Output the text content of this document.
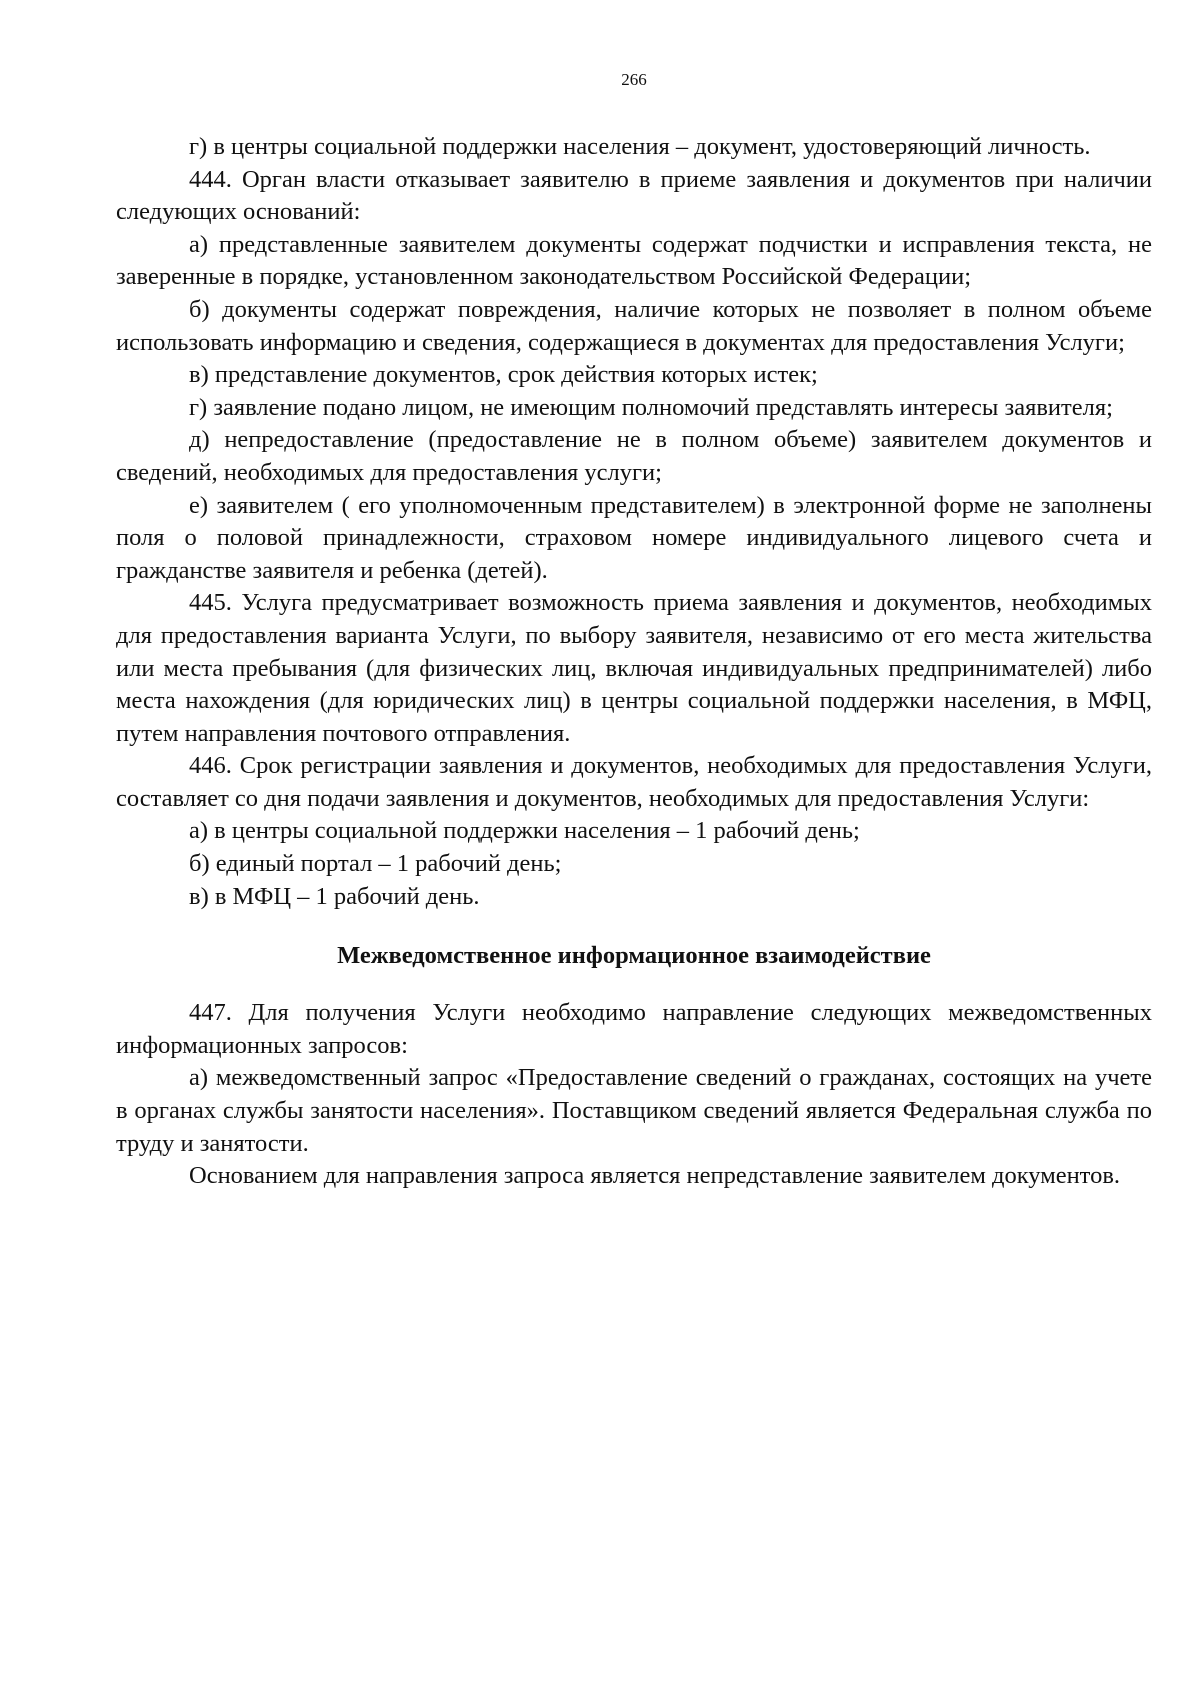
266

г) в центры социальной поддержки населения – документ, удостоверяющий личность.

444. Орган власти отказывает заявителю в приеме заявления и документов при наличии следующих оснований:

а) представленные заявителем документы содержат подчистки и исправления текста, не заверенные в порядке, установленном законодательством Российской Федерации;

б) документы содержат повреждения, наличие которых не позволяет в полном объеме использовать информацию и сведения, содержащиеся в документах для предоставления Услуги;

в) представление документов, срок действия которых истек;

г) заявление подано лицом, не имеющим полномочий представлять интересы заявителя;

д) непредоставление (предоставление не в полном объеме) заявителем документов и сведений, необходимых для предоставления услуги;

е) заявителем ( его уполномоченным представителем) в электронной форме не заполнены поля о половой принадлежности, страховом номере индивидуального лицевого счета и гражданстве заявителя и ребенка (детей).

445. Услуга предусматривает возможность приема заявления и документов, необходимых для предоставления варианта Услуги, по выбору заявителя, независимо от его места жительства или места пребывания (для физических лиц, включая индивидуальных предпринимателей) либо места нахождения (для юридических лиц) в центры социальной поддержки населения, в МФЦ, путем направления почтового отправления.

446. Срок регистрации заявления и документов, необходимых для предоставления Услуги, составляет со дня подачи заявления и документов, необходимых для предоставления Услуги:

а) в центры социальной поддержки населения – 1 рабочий день;

б) единый портал – 1 рабочий день;

в) в МФЦ – 1 рабочий день.

Межведомственное информационное взаимодействие

447. Для получения Услуги необходимо направление следующих межведомственных информационных запросов:

а) межведомственный запрос «Предоставление сведений о гражданах, состоящих на учете в органах службы занятости населения». Поставщиком сведений является Федеральная служба по труду и занятости.

Основанием для направления запроса является непредставление заявителем документов.
